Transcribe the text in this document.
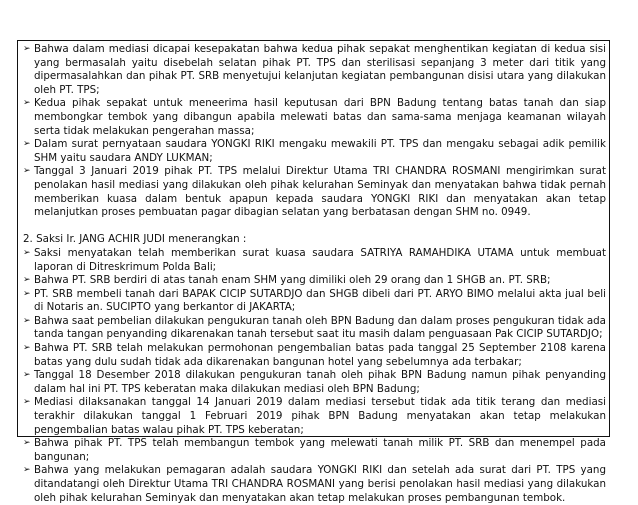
➢ Bahwa dalam mediasi dicapai kesepakatan bahwa kedua pihak sepakat menghentikan kegiatan di kedua sisi yang bermasalah yaitu disebelah selatan pihak PT. TPS dan sterilisasi sepanjang 3 meter dari titik yang dipermasalahkan dan pihak PT. SRB menyetujui kelanjutan kegiatan pembangunan disisi utara yang dilakukan oleh PT. TPS;
➢ Kedua pihak sepakat untuk meneerima hasil keputusan dari BPN Badung tentang batas tanah dan siap membongkar tembok yang dibangun apabila melewati batas dan sama-sama menjaga keamanan wilayah serta tidak melakukan pengerahan massa;
➢ Dalam surat pernyataan saudara YONGKI RIKI mengaku mewakili PT. TPS dan mengaku sebagai adik pemilik SHM yaitu saudara ANDY LUKMAN;
➢ Tanggal 3 Januari 2019 pihak PT. TPS melalui Direktur Utama TRI CHANDRA ROSMANI mengirimkan surat penolakan hasil mediasi yang dilakukan oleh pihak kelurahan Seminyak dan menyatakan bahwa tidak pernah memberikan kuasa dalam bentuk apapun kepada saudara YONGKI RIKI dan menyatakan akan tetap melanjutkan proses pembuatan pagar dibagian selatan yang berbatasan dengan SHM no. 0949.
2. Saksi Ir. JANG ACHIR JUDI menerangkan :
➢ Saksi menyatakan telah memberikan surat kuasa saudara SATRIYA RAMAHDIKA UTAMA untuk membuat laporan di Ditreskrimum Polda Bali;
➢ Bahwa PT. SRB berdiri di atas tanah enam SHM yang dimiliki oleh 29 orang dan 1 SHGB an. PT. SRB;
➢ PT. SRB membeli tanah dari BAPAK CICIP SUTARDJO dan SHGB dibeli dari PT. ARYO BIMO melalui akta jual beli di Notaris an. SUCIPTO yang berkantor di JAKARTA;
➢ Bahwa saat pembelian dilakukan pengukuran tanah oleh BPN Badung dan dalam proses pengukuran tidak ada tanda tangan penyanding dikarenakan tanah tersebut saat itu masih dalam penguasaan Pak CICIP SUTARDJO;
➢ Bahwa PT. SRB telah melakukan permohonan pengembalian batas pada tanggal 25 September 2108 karena batas yang dulu sudah tidak ada dikarenakan bangunan hotel yang sebelumnya ada terbakar;
➢ Tanggal 18 Desember 2018 dilakukan pengukuran tanah oleh pihak BPN Badung namun pihak penyanding dalam hal ini PT. TPS keberatan maka dilakukan mediasi oleh BPN Badung;
➢ Mediasi dilaksanakan tanggal 14 Januari 2019 dalam mediasi tersebut tidak ada titik terang dan mediasi terakhir dilakukan tanggal 1 Februari 2019 pihak BPN Badung menyatakan akan tetap melakukan pengembalian batas walau pihak PT. TPS keberatan;
➢ Bahwa pihak PT. TPS telah membangun tembok yang melewati tanah milik PT. SRB dan menempel pada bangunan;
➢ Bahwa yang melakukan pemagaran adalah saudara YONGKI RIKI dan setelah ada surat dari PT. TPS yang ditandatangi oleh Direktur Utama TRI CHANDRA ROSMANI yang berisi penolakan hasil mediasi yang dilakukan oleh pihak kelurahan Seminyak dan menyatakan akan tetap melakukan proses pembangunan tembok.
